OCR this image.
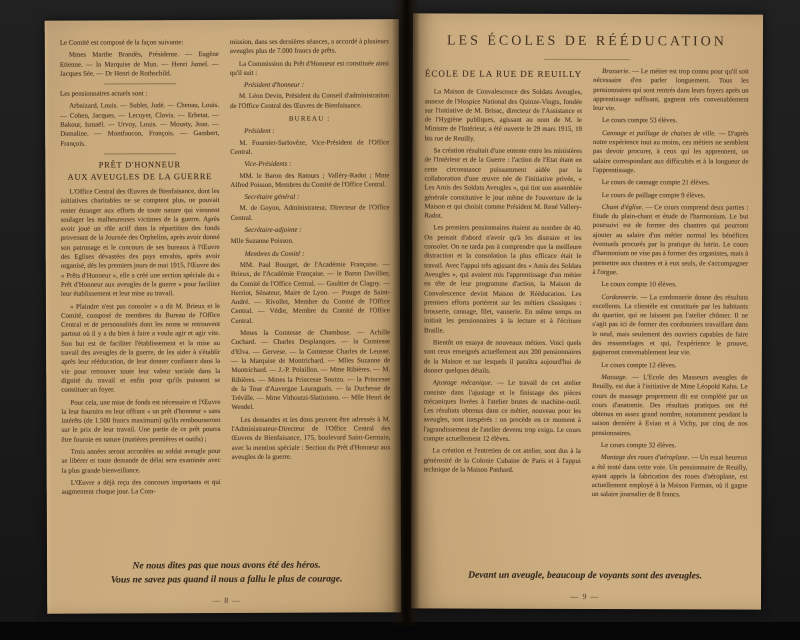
Le Comité est composé de la façon suivante:

Mmes Marthe Brandès, Présidente. — Eugène Etienne. — la Marquise de Mun. — Henri Jumel. — Jacques Sée. — Dr Henri de Rothschild.

Les pensionnaires actuels sont :

Arbaizard, Louis. — Sublet, Judé. — Chenau, Louis. — Cohen, Jacques. — Lecuyer, Clovis. — Erbetat. — Bakour, Ismaël. — Urvoy, Louis. — Mousty, Jean. — Damaline. — Montfaucon, François. — Gambert, François.

PRÊT D'HONNEUR
AUX AVEUGLES DE LA GUERRE

L'Office Central des Œuvres de Bienfaisance, dont les initiatives charitables ne se comptent plus, ne pouvait rester étranger aux efforts de toute nature qui viennent soulager les malheureuses victimes de la guerre. Après avoir joué un rôle actif dans la répartition des fonds provenant de la Journée des Orphelins, après avoir donné son patronage et le concours de ses bureaux à l'Œuvre des Eglises dévastées des pays envahis, après avoir organisé, dès les premiers jours de mai 1915, l'Œuvre des « Prêts d'Honneur », elle a créé une section spéciale du « Prêt d'Honneur aux aveugles de la guerre » pour faciliter leur établissement et leur mise au travail.

« Plaindre n'est pas consoler » a dit M. Brieux et le Comité, composé de membres du Bureau de l'Office Central et de personnalités dont les noms se retrouvent partout où il y a du bien à faire a voulu agir et agir vite. Son but est de faciliter l'établissement et la mise au travail des aveugles de la guerre, de les aider à s'établir après leur rééducation, de leur donner confiance dans la vie pour retrouver toute leur valeur sociale dans la dignité du travail et enfin pour qu'ils puissent se constituer un foyer.

Pour cela, une mise de fonds est nécessaire et l'Œuvre la leur fournira en leur offrant « un prêt d'honneur » sans intérêts (de 1.500 francs maximum) qu'ils rembourseront sur le prix de leur travail. Une partie de ce prêt pourra être fournie en nature (matières premières et outils) ;

Trois années seront accordées au soldat aveugle pour se libérer et toute demande de délai sera examinée avec la plus grande bienveillance.

L'Œuvre a déjà reçu des concours importants et qui augmentent chaque jour. La Com-

mission, dans ses dernières séances, a accordé à plusieurs aveugles plus de 7.000 francs de prêts.

La Commission du Prêt d'Honneur est constituée ainsi qu'il suit :

Président d'honneur :

M. Léon Devin, Président du Conseil d'administration de l'Office Central des Œuvres de Bienfaisance.

BUREAU :

Président :

M. Fournier-Sarlovèze, Vice-Président de l'Office Central.

Vice-Présidents :

MM. le Baron des Ratours ; Valléry-Radot ; Mme Alfred Poisson, Membres du Comité de l'Office Central.

Secrétaire général :

M. de Goyon, Administrateur, Directeur de l'Office Central.

Secrétaire-adjointe :

Mlle Suzanne Poisson.

Membres du Comité :

MM. Paul Bourget, de l'Académie Française. — Brieux, de l'Académie Française. — le Baron Davillier, du Comité de l'Office Central. — Gaultier de Clagny. — Herriot, Sénateur, Maire de Lyon. — Pouget de Saint-André. — Rivollet, Membre du Comité de l'Office Central. — Védie, Membre du Comité de l'Office Central.

Mmes la Comtesse de Chambuse. — Achille Cochard. — Charles Desplanques. — la Comtesse d'Elva. — Gervese. — la Comtesse Charles de Leusse. — la Marquise de Montrichard. — Mlles Suzanne de Montrichard. — J.-P. Polaillon. — Mme Ribières. — M. Ribières. — Mmes la Princesse Soutzo. — la Princesse de la Tour d'Auvergne Lauraguais. — la Duchesse de Tréville. — Mme Vithoutzi-Slatiniano. — Mlle Henri de Wendel.

Les demandes et les dons peuvent être adressés à M. l'Administrateur-Directeur de l'Office Central des Œuvres de Bienfaisance, 175, boulevard Saint-Germain, avec la mention spéciale : Section du Prêt d'Honneur aux aveugles de la guerre.

Ne nous dites pas que nous avons été des héros.
Vous ne savez pas quand il nous a fallu le plus de courage.
— 8 —
LES ÉCOLES DE RÉÉDUCATION
ÉCOLE DE LA RUE DE REUILLY

La Maison de Convalescence des Soldats Aveugles, annexe de l'Hospice National des Quinze-Vingts, fondée sur l'initiative de M. Brisac, directeur de l'Assistance et de l'Hygiène publiques, agissant au nom de M. le Ministre de l'Intérieur, a été ouverte le 29 mars 1915, 19 bis rue de Reuilly.

Sa création résultait d'une entente entre les ministères de l'Intérieur et de la Guerre : l'action de l'Etat étant en cette circonstance puissamment aidée par la collaboration d'une œuvre née de l'initiative privée, « Les Amis des Soldats Aveugles », qui tint son assemblée générale constitutive le jour même de l'ouverture de la Maison et qui choisit comme Président M. René Vallery-Radot.

Les premiers pensionnaires étaient au nombre de 40. On pensait d'abord n'avoir qu'à les distraire et les consoler. On ne tarda pas à comprendre que la meilleure distraction et la consolation la plus efficace était le travail. Avec l'appui très agissant des « Amis des Soldats Aveugles », qui avaient mis l'apprentissage d'un métier en tête de leur programme d'action, la Maison de Convalescence devint Maison de Rééducation. Les premiers efforts portèrent sur les métiers classiques : brosserie, cannage, filet, vannerie. En même temps on initiait les pensionnaires à la lecture et à l'écriture Braille.

Bientôt on essaya de nouveaux métiers. Voici quels sont ceux enseignés actuellement aux 200 pensionnaires de la Maison et sur lesquels il paraîtra aujourd'hui de donner quelques détails.

Ajustage mécanique. — Le travail de cet atelier consiste dans l'ajustage et le finissage des pièces mécaniques livrées à l'atelier brutes de machine-outil. Les résultats obtenus dans ce métier, nouveau pour les aveugles, sont inespérés : on procède en ce moment à l'agrandissement de l'atelier devenu trop exigu. Le cours compte actuellement 12 élèves.

La création et l'entretien de cet atelier, sont dus à la générosité de la Colonie Cubaine de Paris et à l'appui technique de la Maison Panhard.

Brosserie. — Le métier est trop connu pour qu'il soit nécessaire d'en parler longuement. Tous les pensionnaires qui sont rentrés dans leurs foyers après un apprentissage suffisant, gagnent très convenablement leur vie.

Le cours compte 53 élèves.

Cannage et paillage de chaises de ville. — D'après notre expérience tout au moins, ces métiers ne semblent pas devoir procurer, à ceux qui les apprennent, un salaire correspondant aux difficultés et à la longueur de l'apprentissage.

Le cours de cannage compte 21 élèves.

Le cours de paillage compte 9 élèves.

Chant d'église. — Ce cours comprend deux parties : Etude du plain-chant et étude de l'harmonium. Le but poursuivi est de former des chantres qui pourront ajouter au salaire d'un métier normal les bénéfices éventuels procurés par la pratique du lutrin. Le cours d'harmonium ne vise pas à former des organistes, mais à permettre aux chantres et à eux seuls, de s'accompagner à l'orgue.

Le cours compte 10 élèves.

Cordonnerie. — La cordonnerie donne des résultats excellents. La clientèle est constituée par les habitants du quartier, qui ne laissent pas l'atelier chômer. Il ne s'agit pas ici de former des cordonniers travaillant dans le neuf, mais seulement des ouvriers capables de faire des ressemelages et qui, l'expérience le prouve, gagneront convenablement leur vie.

Le cours compte 12 élèves.

Massage. — L'Ecole des Masseurs aveugles de Reuilly, est due à l'initiative de Mme Léopold Kahn. Le cours de massage proprement dit est complété par un cours d'anatomie. Des résultats pratiques ont été obtenus en assez grand nombre, notamment pendant la saison dernière à Evian et à Vichy, par cinq de nos pensionnaires.

Le cours compte 32 élèves.

Montage des roues d'aéroplane. — Un essai heureux a été tenté dans cette voie. Un pensionnaire de Reuilly, ayant appris la fabrication des roues d'aéroplane, est actuellement employé à la Maison Farman, où il gagne un salaire journalier de 8 francs.

Devant un aveugle, beaucoup de voyants sont des aveugles.
— 9 —
